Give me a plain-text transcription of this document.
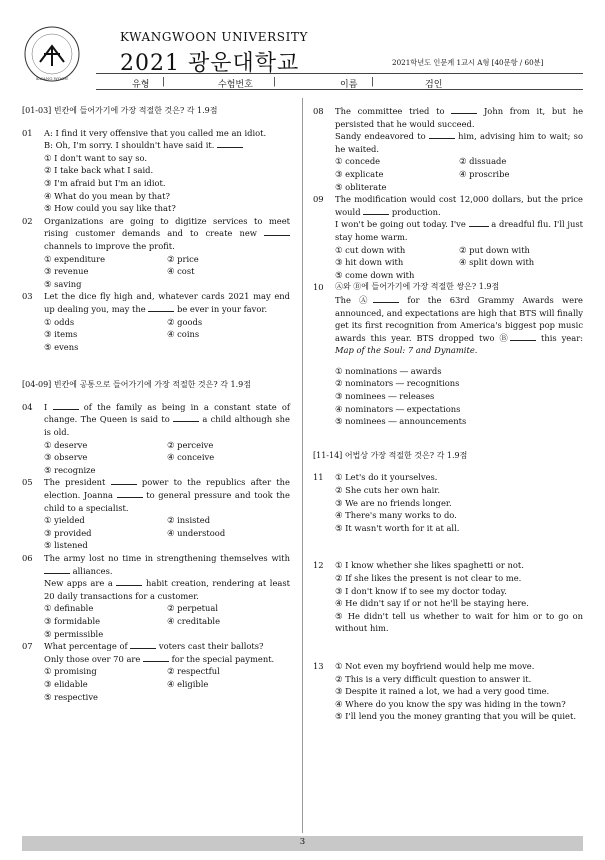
KWANG WOON
KWANGWOON UNIVERSITY
2021 광운대학교	2021학년도 인문계 1교시 A형 [40문항 / 60분]
유형 |	수험번호 |	이름 |	검인
[01-03] 빈칸에 들어가기에 가장 적절한 것은? 각 1.9점
01	A: I find it very offensive that you called me an idiot.

B: Oh, I'm sorry. I shouldn't have said it.

① I don't want to say so.
② I take back what I said.
③ I'm afraid but I'm an idiot.
④ What do you mean by that?
⑤ How could you say like that?
02	Organizations are going to digitize services to meet rising customer demands and to create new  channels to improve the profit.

① expenditure	② price
③ revenue	④ cost
⑤ saving
03	Let the dice fly high and, whatever cards 2021 may end up dealing you, may the	be ever in your favor.

① odds	② goods
③ items	④ coins
⑤ evens
[04-09] 빈칸에 공통으로 들어가기에 가장 적절한 것은? 각 1.9점
04	I	of the family as being in a constant state of change. The Queen is said to	a child although she is old.

① deserve	② perceive
③ observe	④ conceive
⑤ recognize
05	The president	power to the republics after the election. Joanna	to general pressure and took the child to a specialist.

① yielded	② insisted
③ provided	④ understood
⑤ listened
06	The army lost no time in strengthening themselves with  alliances.

New apps are a	habit creation, rendering at least 20 daily transactions for a customer.

① definable	② perpetual
③ formidable	④ creditable
⑤ permissible
07	What percentage of	voters cast their ballots?

Only those over 70 are	for the special payment.

① promising	② respectful
③ elidable	④ eligible
⑤ respective
08	The committee tried to	John from it, but he persisted that he would succeed.

Sandy endeavored to	him, advising him to wait; so he waited.

① concede	② dissuade
③ explicate	④ proscribe
⑤ obliterate
09	The modification would cost 12,000 dollars, but the price would	production.

I won't be going out today. I've	a dreadful flu. I'll just stay home warm.

① cut down with	② put down with
③ hit down with	④ split down with
⑤ come down with
10	Ⓐ와 Ⓑ에 들어가기에 가장 적절한 쌍은? 1.9점

The Ⓐ	for the 63rd Grammy Awards were announced, and expectations are high that BTS will finally get its first recognition from America's biggest pop music awards this year. BTS dropped two Ⓑ	this year: Map of the Soul: 7 and Dynamite.

① nominations ― awards
② nominators ― recognitions
③ nominees ― releases
④ nominators ― expectations
⑤ nominees ― announcements
[11-14] 어법상 가장 적절한 것은? 각 1.9점
11	① Let's do it yourselves.
② She cuts her own hair.
③ We are no friends longer.
④ There's many works to do.
⑤ It wasn't worth for it at all.
12	① I know whether she likes spaghetti or not.
② If she likes the present is not clear to me.
③ I don't know if to see my doctor today.
④ He didn't say if or not he'll be staying here.
⑤ He didn't tell us whether to wait for him or to go on without him.
13	① Not even my boyfriend would help me move.
② This is a very difficult question to answer it.
③ Despite it rained a lot, we had a very good time.
④ Where do you know the spy was hiding in the town?
⑤ I'll lend you the money granting that you will be quiet.
3
